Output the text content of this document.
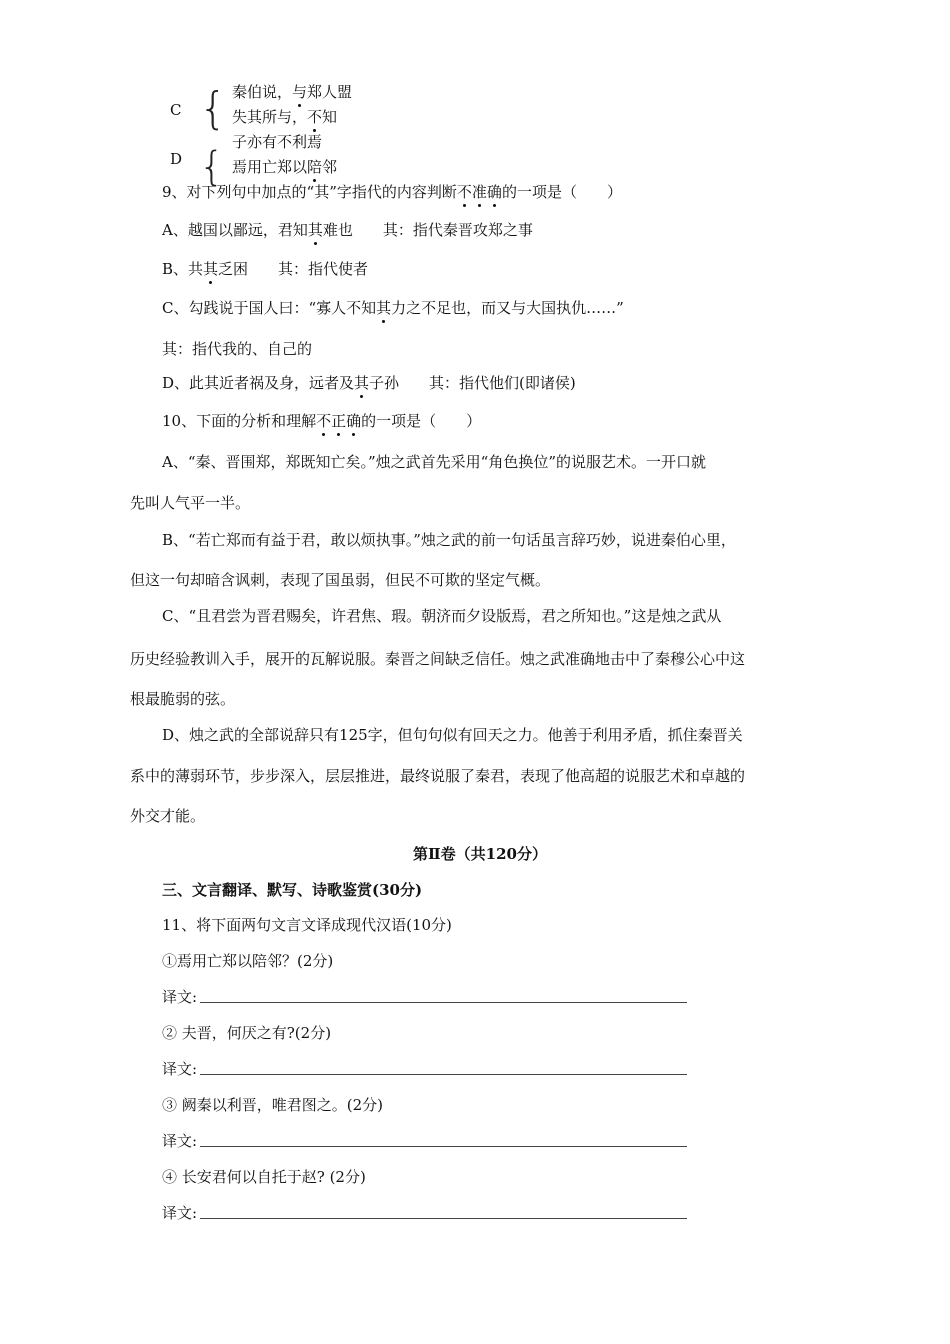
C { 秦伯说，与郑人盟
失其所与，不知
子亦有不利焉
D { 焉用亡郑以陪邻
9、对下列句中加点的“其”字指代的内容判断不准确的一项是（　　）
A、越国以鄙远，君知其难也　　其：指代秦晋攻郑之事
B、共其乏困　　其：指代使者
C、勾践说于国人曰：“寡人不知其力之不足也，而又与大国执仇……”
其：指代我的、自己的
D、此其近者祸及身，远者及其子孙　　其：指代他们(即诸侯)
10、下面的分析和理解不正确的一项是（　　）
A、“秦、晋围郑，郑既知亡矣。”烛之武首先采用“角色换位”的说服艺术。一开口就
先叫人气平一半。
B、“若亡郑而有益于君，敢以烦执事。”烛之武的前一句话虽言辞巧妙，说进秦伯心里，
但这一句却暗含讽刺，表现了国虽弱，但民不可欺的坚定气概。
C、“且君尝为晋君赐矣，许君焦、瑕。朝济而夕设版焉，君之所知也。”这是烛之武从
历史经验教训入手，展开的瓦解说服。秦晋之间缺乏信任。烛之武准确地击中了秦穆公心中这
根最脆弱的弦。
D、烛之武的全部说辞只有125字，但句句似有回天之力。他善于利用矛盾，抓住秦晋关
系中的薄弱环节，步步深入，层层推进，最终说服了秦君，表现了他高超的说服艺术和卓越的
外交才能。
第Ⅱ卷（共120分）
三、文言翻译、默写、诗歌鉴赏(30分)
11、将下面两句文言文译成现代汉语(10分)
①焉用亡郑以陪邻？(2分)
译文:
② 夫晋，何厌之有?(2分)
译文:
③ 阙秦以利晋，唯君图之。(2分)
译文:
④ 长安君何以自托于赵? (2分)
译文:
